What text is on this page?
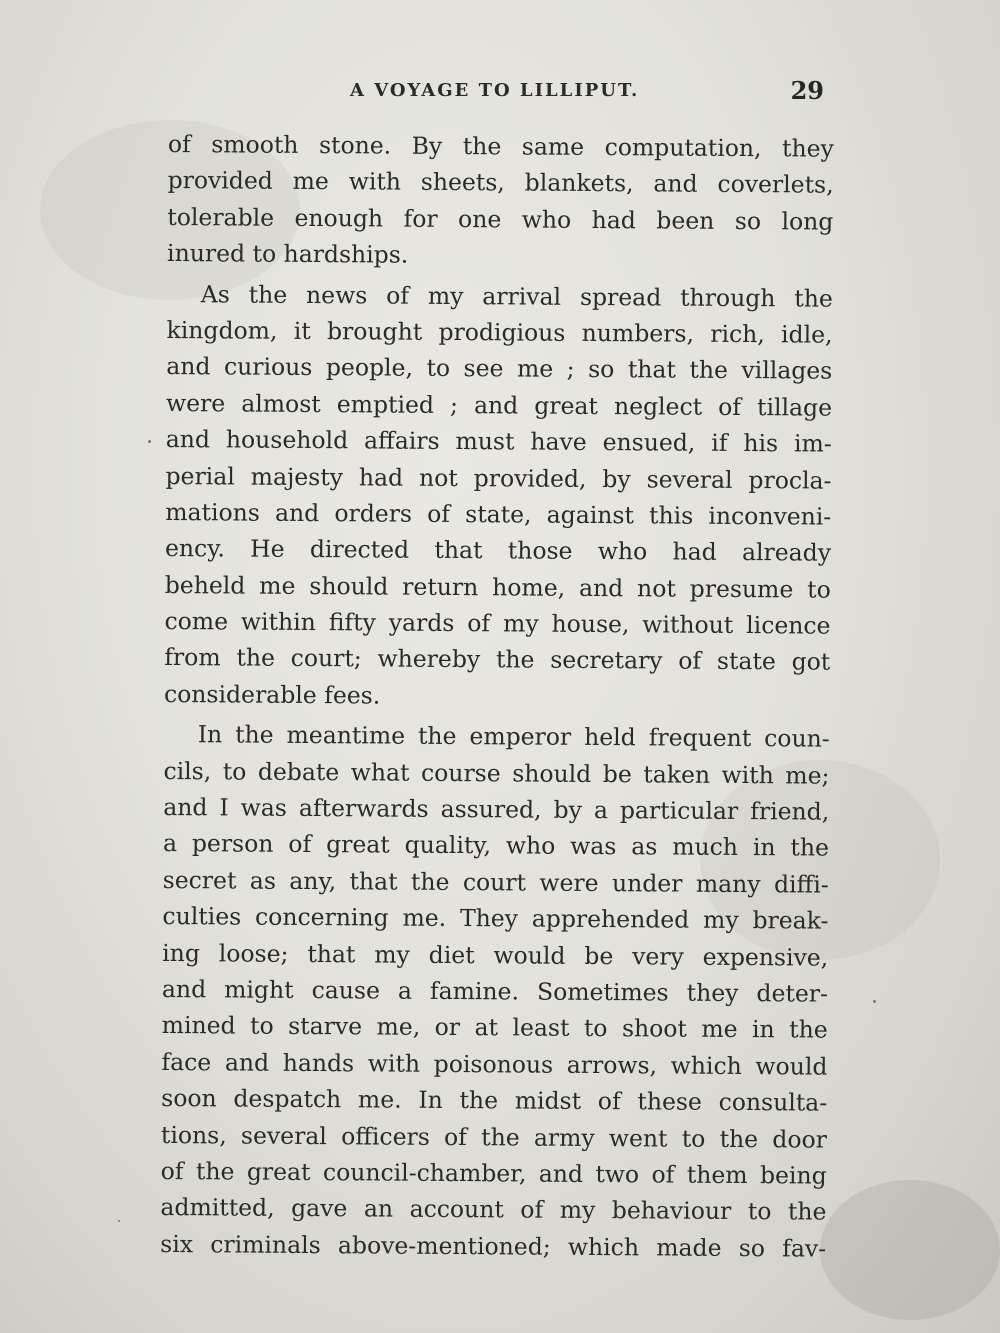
A VOYAGE TO LILLIPUT.	29
of smooth stone. By the same computation, they
provided me with sheets, blankets, and coverlets,
tolerable enough for one who had been so long
inured to hardships.
As the news of my arrival spread through the
kingdom, it brought prodigious numbers, rich, idle,
and curious people, to see me ; so that the villages
were almost emptied ; and great neglect of tillage
and household affairs must have ensued, if his im-
perial majesty had not provided, by several procla-
mations and orders of state, against this inconveni-
ency. He directed that those who had already
beheld me should return home, and not presume to
come within fifty yards of my house, without licence
from the court; whereby the secretary of state got
considerable fees.
In the meantime the emperor held frequent coun-
cils, to debate what course should be taken with me;
and I was afterwards assured, by a particular friend,
a person of great quality, who was as much in the
secret as any, that the court were under many diffi-
culties concerning me. They apprehended my break-
ing loose; that my diet would be very expensive,
and might cause a famine. Sometimes they deter-
mined to starve me, or at least to shoot me in the
face and hands with poisonous arrows, which would
soon despatch me. In the midst of these consulta-
tions, several officers of the army went to the door
of the great council-chamber, and two of them being
admitted, gave an account of my behaviour to the
six criminals above-mentioned; which made so fav-
